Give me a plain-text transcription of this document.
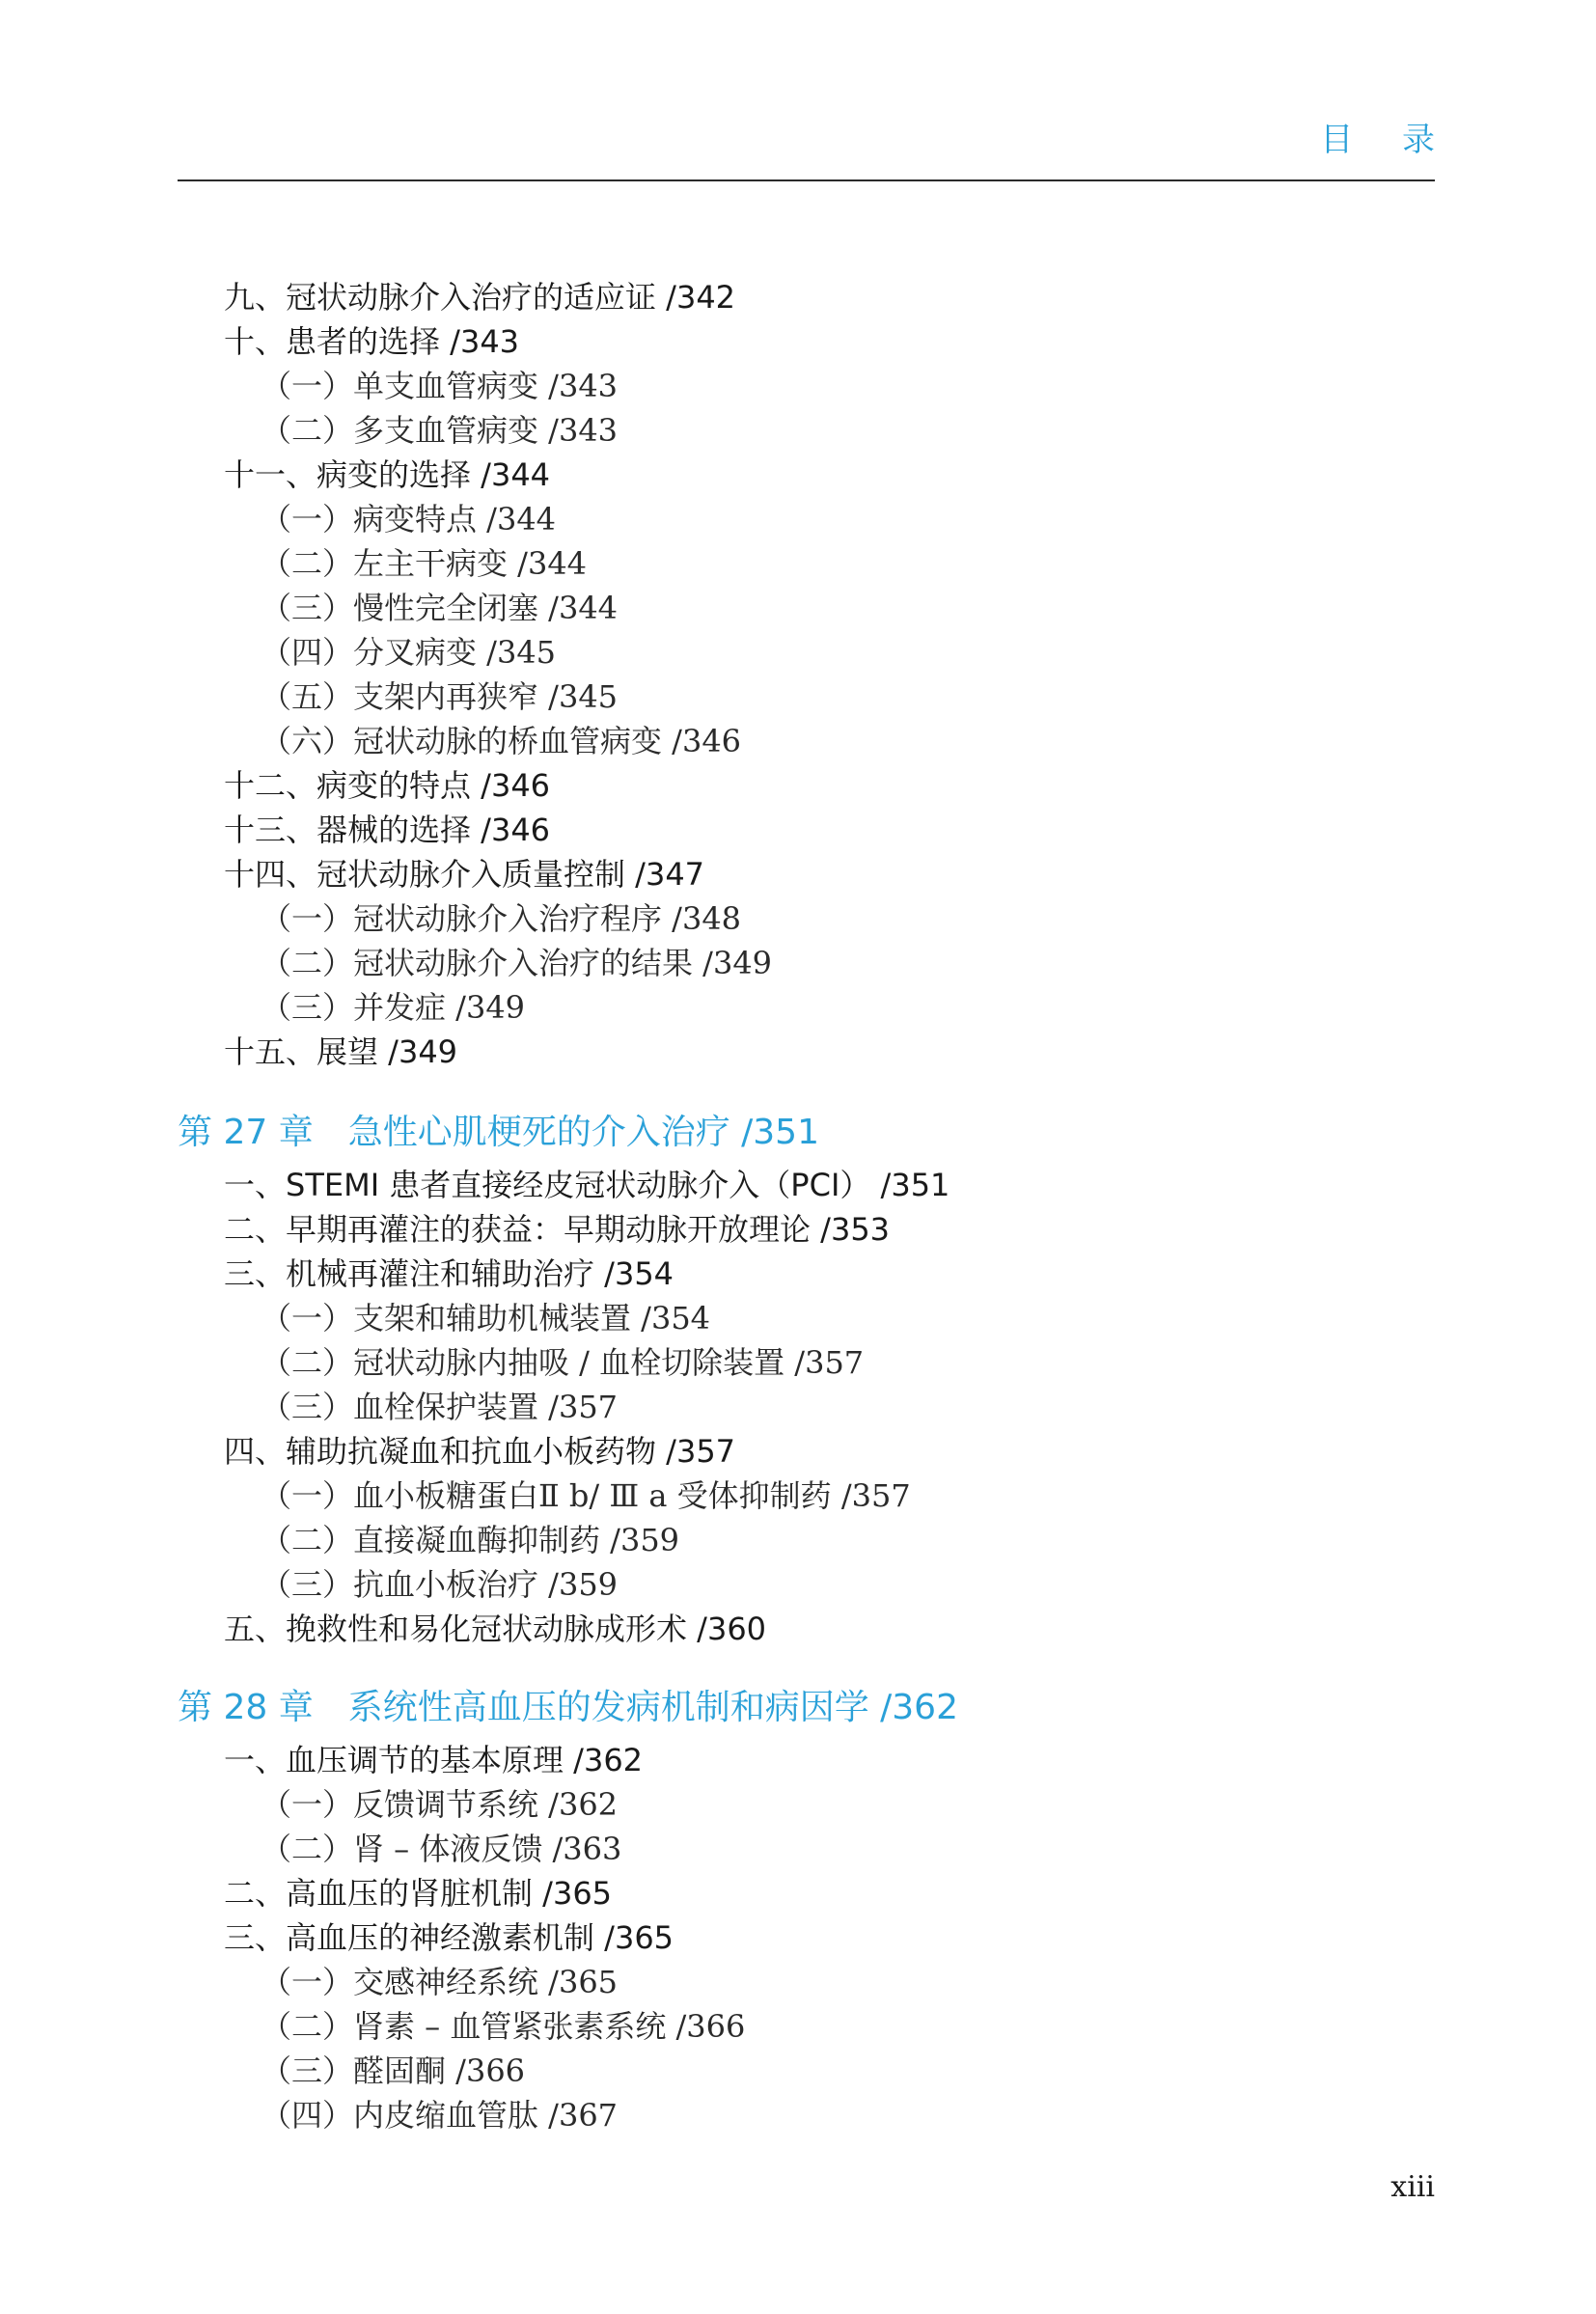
目 录
九、冠状动脉介入治疗的适应证 /342
十、患者的选择 /343
（一）单支血管病变 /343
（二）多支血管病变 /343
十一、病变的选择 /344
（一）病变特点 /344
（二）左主干病变 /344
（三）慢性完全闭塞 /344
（四）分叉病变 /345
（五）支架内再狭窄 /345
（六）冠状动脉的桥血管病变 /346
十二、病变的特点 /346
十三、器械的选择 /346
十四、冠状动脉介入质量控制 /347
（一）冠状动脉介入治疗程序 /348
（二）冠状动脉介入治疗的结果 /349
（三）并发症 /349
十五、展望 /349
第 27 章 急性心肌梗死的介入治疗 /351
一、STEMI 患者直接经皮冠状动脉介入（PCI） /351
二、早期再灌注的获益：早期动脉开放理论 /353
三、机械再灌注和辅助治疗 /354
（一）支架和辅助机械装置 /354
（二）冠状动脉内抽吸 / 血栓切除装置 /357
（三）血栓保护装置 /357
四、辅助抗凝血和抗血小板药物 /357
（一）血小板糖蛋白Ⅱ b/ Ⅲ a 受体抑制药 /357
（二）直接凝血酶抑制药 /359
（三）抗血小板治疗 /359
五、挽救性和易化冠状动脉成形术 /360
第 28 章 系统性高血压的发病机制和病因学 /362
一、血压调节的基本原理 /362
（一）反馈调节系统 /362
（二）肾 – 体液反馈 /363
二、高血压的肾脏机制 /365
三、高血压的神经激素机制 /365
（一）交感神经系统 /365
（二）肾素 – 血管紧张素系统 /366
（三）醛固酮 /366
（四）内皮缩血管肽 /367
xiii
